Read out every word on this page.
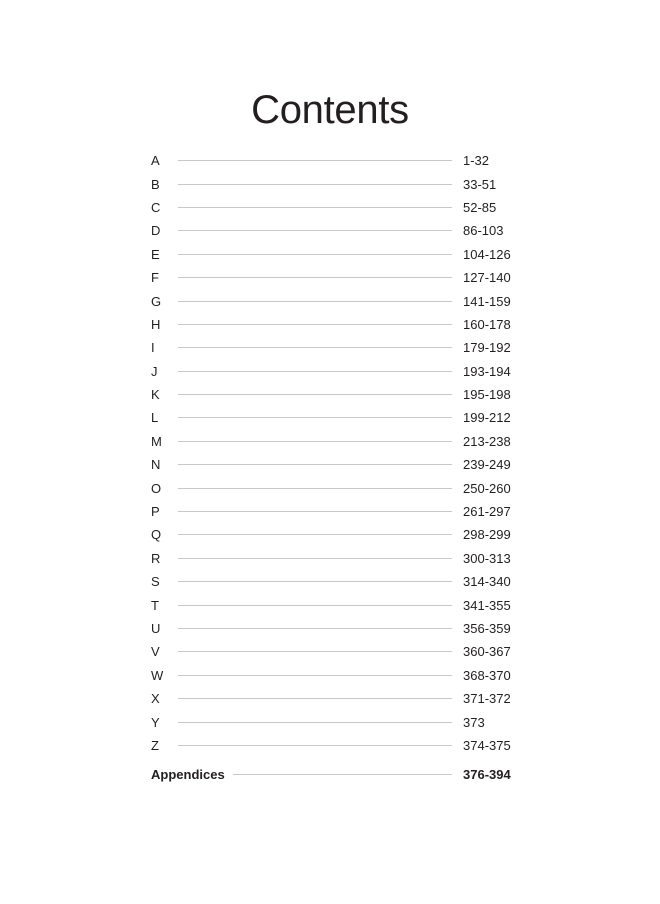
Contents
A	1-32
B	33-51
C	52-85
D	86-103
E	104-126
F	127-140
G	141-159
H	160-178
I	179-192
J	193-194
K	195-198
L	199-212
M	213-238
N	239-249
O	250-260
P	261-297
Q	298-299
R	300-313
S	314-340
T	341-355
U	356-359
V	360-367
W	368-370
X	371-372
Y	373
Z	374-375
Appendices	376-394
